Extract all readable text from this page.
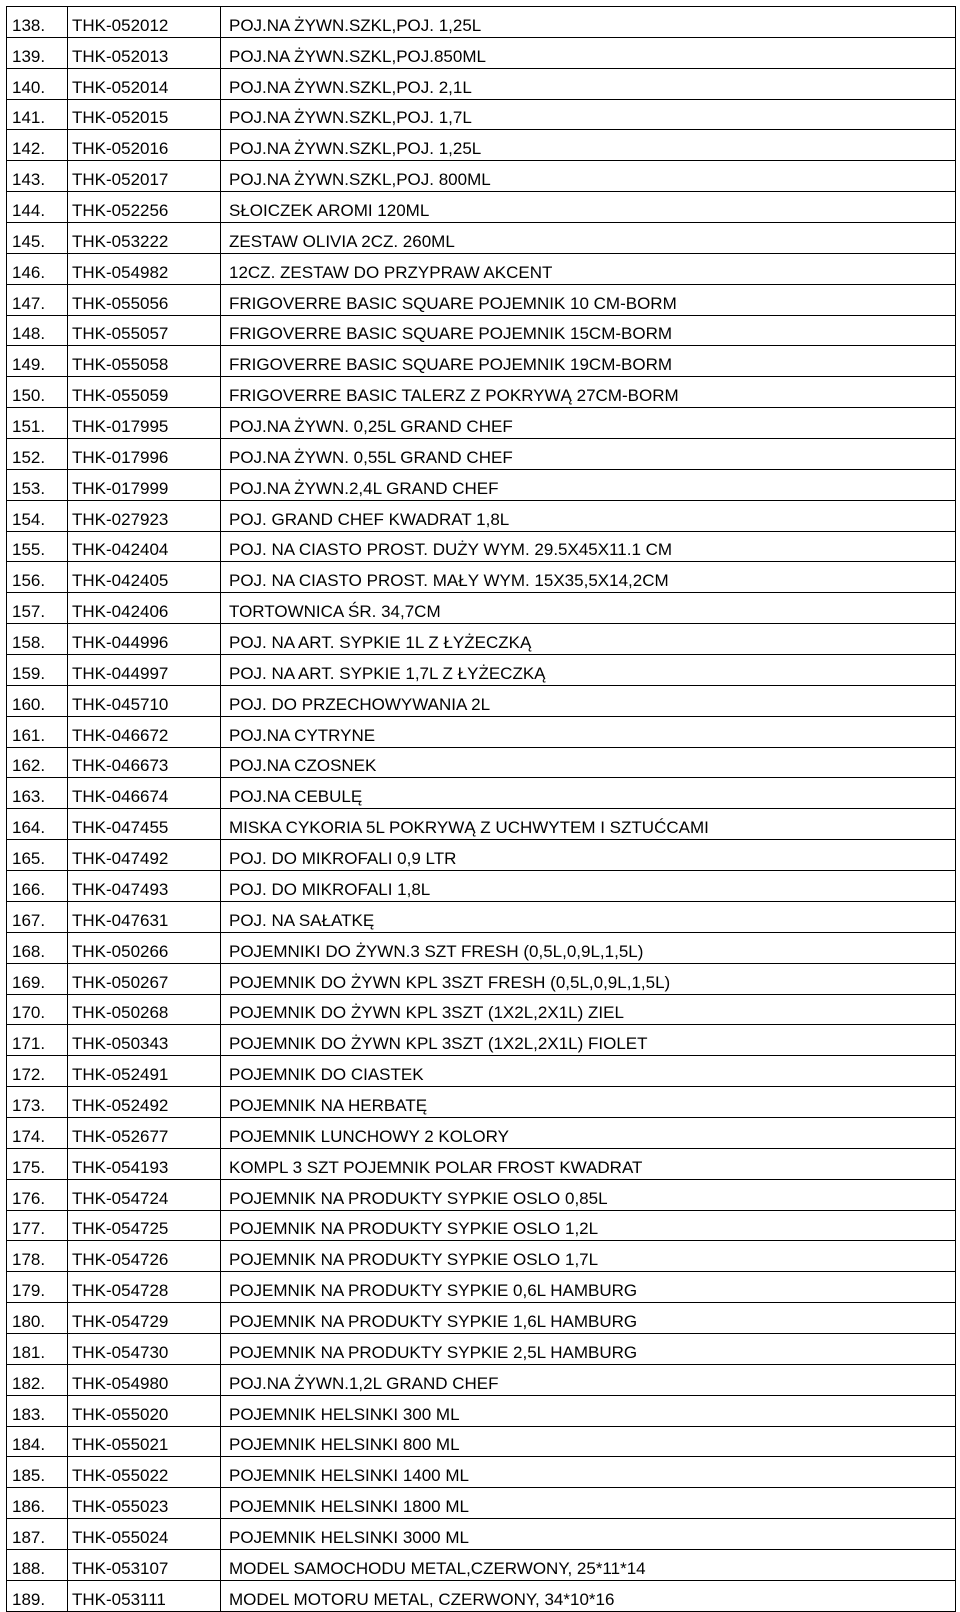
138.	THK-052012	POJ.NA ŻYWN.SZKL,POJ. 1,25L
139.	THK-052013	POJ.NA ŻYWN.SZKL,POJ.850ML
140.	THK-052014	POJ.NA ŻYWN.SZKL,POJ. 2,1L
141.	THK-052015	POJ.NA ŻYWN.SZKL,POJ. 1,7L
142.	THK-052016	POJ.NA ŻYWN.SZKL,POJ. 1,25L
143.	THK-052017	POJ.NA ŻYWN.SZKL,POJ. 800ML
144.	THK-052256	SŁOICZEK AROMI 120ML
145.	THK-053222	ZESTAW OLIVIA 2CZ. 260ML
146.	THK-054982	12CZ. ZESTAW DO PRZYPRAW AKCENT
147.	THK-055056	FRIGOVERRE BASIC SQUARE POJEMNIK 10 CM-BORM
148.	THK-055057	FRIGOVERRE BASIC SQUARE POJEMNIK 15CM-BORM
149.	THK-055058	FRIGOVERRE BASIC SQUARE POJEMNIK 19CM-BORM
150.	THK-055059	FRIGOVERRE BASIC TALERZ Z POKRYWĄ 27CM-BORM
151.	THK-017995	POJ.NA ŻYWN. 0,25L GRAND CHEF
152.	THK-017996	POJ.NA ŻYWN. 0,55L GRAND CHEF
153.	THK-017999	POJ.NA ŻYWN.2,4L GRAND CHEF
154.	THK-027923	POJ. GRAND CHEF KWADRAT 1,8L
155.	THK-042404	POJ. NA CIASTO PROST. DUŻY WYM. 29.5X45X11.1 CM
156.	THK-042405	POJ. NA CIASTO PROST. MAŁY WYM. 15X35,5X14,2CM
157.	THK-042406	TORTOWNICA ŚR. 34,7CM
158.	THK-044996	POJ. NA ART. SYPKIE 1L Z ŁYŻECZKĄ
159.	THK-044997	POJ. NA ART. SYPKIE 1,7L Z ŁYŻECZKĄ
160.	THK-045710	POJ. DO PRZECHOWYWANIA 2L
161.	THK-046672	POJ.NA CYTRYNE
162.	THK-046673	POJ.NA CZOSNEK
163.	THK-046674	POJ.NA CEBULĘ
164.	THK-047455	MISKA CYKORIA 5L POKRYWĄ Z UCHWYTEM I SZTUĆCAMI
165.	THK-047492	POJ. DO MIKROFALI 0,9 LTR
166.	THK-047493	POJ. DO MIKROFALI 1,8L
167.	THK-047631	POJ. NA SAŁATKĘ
168.	THK-050266	POJEMNIKI DO ŻYWN.3 SZT FRESH (0,5L,0,9L,1,5L)
169.	THK-050267	POJEMNIK DO ŻYWN KPL 3SZT FRESH (0,5L,0,9L,1,5L)
170.	THK-050268	POJEMNIK DO ŻYWN KPL 3SZT (1X2L,2X1L) ZIEL
171.	THK-050343	POJEMNIK DO ŻYWN KPL 3SZT (1X2L,2X1L) FIOLET
172.	THK-052491	POJEMNIK DO CIASTEK
173.	THK-052492	POJEMNIK NA HERBATĘ
174.	THK-052677	POJEMNIK LUNCHOWY 2 KOLORY
175.	THK-054193	KOMPL 3 SZT POJEMNIK POLAR FROST KWADRAT
176.	THK-054724	POJEMNIK NA PRODUKTY SYPKIE OSLO 0,85L
177.	THK-054725	POJEMNIK NA PRODUKTY SYPKIE OSLO 1,2L
178.	THK-054726	POJEMNIK NA PRODUKTY SYPKIE OSLO 1,7L
179.	THK-054728	POJEMNIK NA PRODUKTY SYPKIE 0,6L HAMBURG
180.	THK-054729	POJEMNIK NA PRODUKTY SYPKIE 1,6L HAMBURG
181.	THK-054730	POJEMNIK NA PRODUKTY SYPKIE 2,5L HAMBURG
182.	THK-054980	POJ.NA ŻYWN.1,2L GRAND CHEF
183.	THK-055020	POJEMNIK HELSINKI 300 ML
184.	THK-055021	POJEMNIK HELSINKI 800 ML
185.	THK-055022	POJEMNIK HELSINKI 1400 ML
186.	THK-055023	POJEMNIK HELSINKI 1800 ML
187.	THK-055024	POJEMNIK HELSINKI 3000 ML
188.	THK-053107	MODEL SAMOCHODU METAL,CZERWONY, 25*11*14
189.	THK-053111	MODEL MOTORU METAL, CZERWONY, 34*10*16
